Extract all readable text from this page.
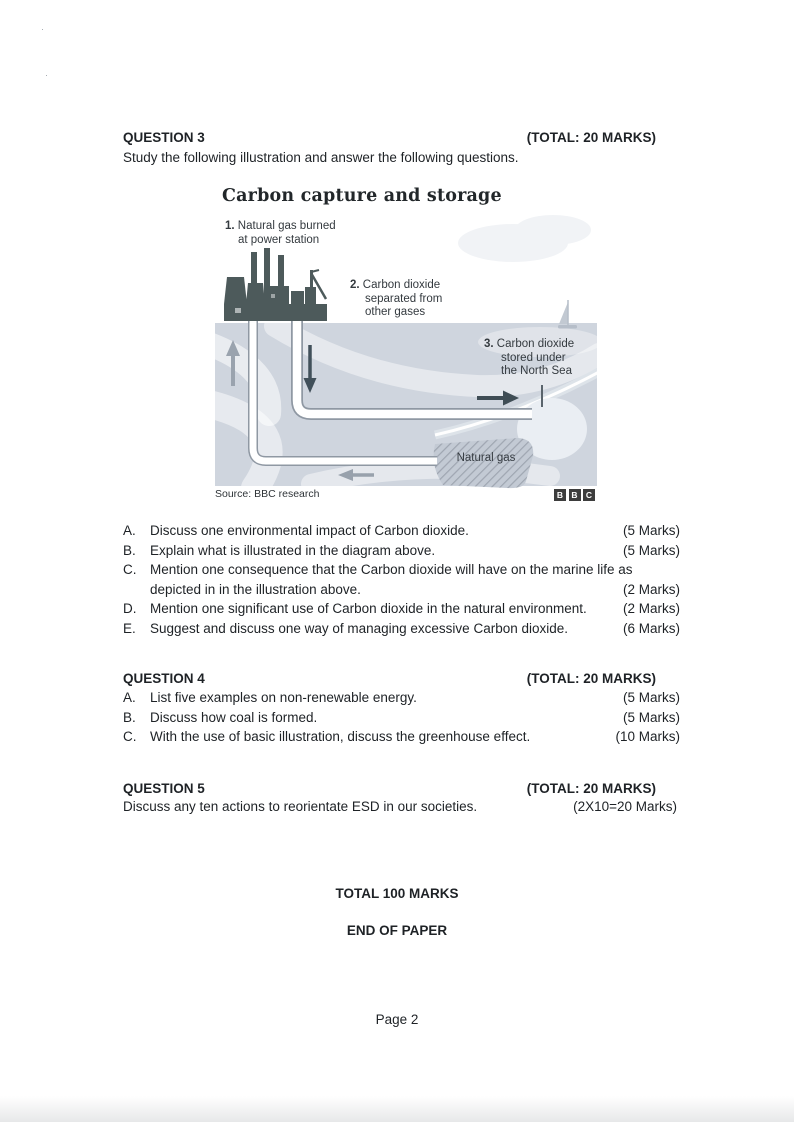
·
·
QUESTION 3	(TOTAL: 20 MARKS)
Study the following illustration and answer the following questions.
Carbon capture and storage
1. Natural gas burned
at power station
2. Carbon dioxide
separated from
other gases
3. Carbon dioxide
stored under
the North Sea
Natural gas
Source: BBC research	B B C
A. Discuss one environmental impact of Carbon dioxide.	(5 Marks)
B. Explain what is illustrated in the diagram above.	(5 Marks)
C. Mention one consequence that the Carbon dioxide will have on the marine life as depicted in in the illustration above.	(2 Marks)
D. Mention one significant use of Carbon dioxide in the natural environment.	(2 Marks)
E. Suggest and discuss one way of managing excessive Carbon dioxide.	(6 Marks)
QUESTION 4	(TOTAL: 20 MARKS)
A. List five examples on non-renewable energy.	(5 Marks)
B. Discuss how coal is formed.	(5 Marks)
C. With the use of basic illustration, discuss the greenhouse effect.	(10 Marks)
QUESTION 5	(TOTAL: 20 MARKS)
Discuss any ten actions to reorientate ESD in our societies.	(2X10=20 Marks)
TOTAL 100 MARKS
END OF PAPER
Page 2
